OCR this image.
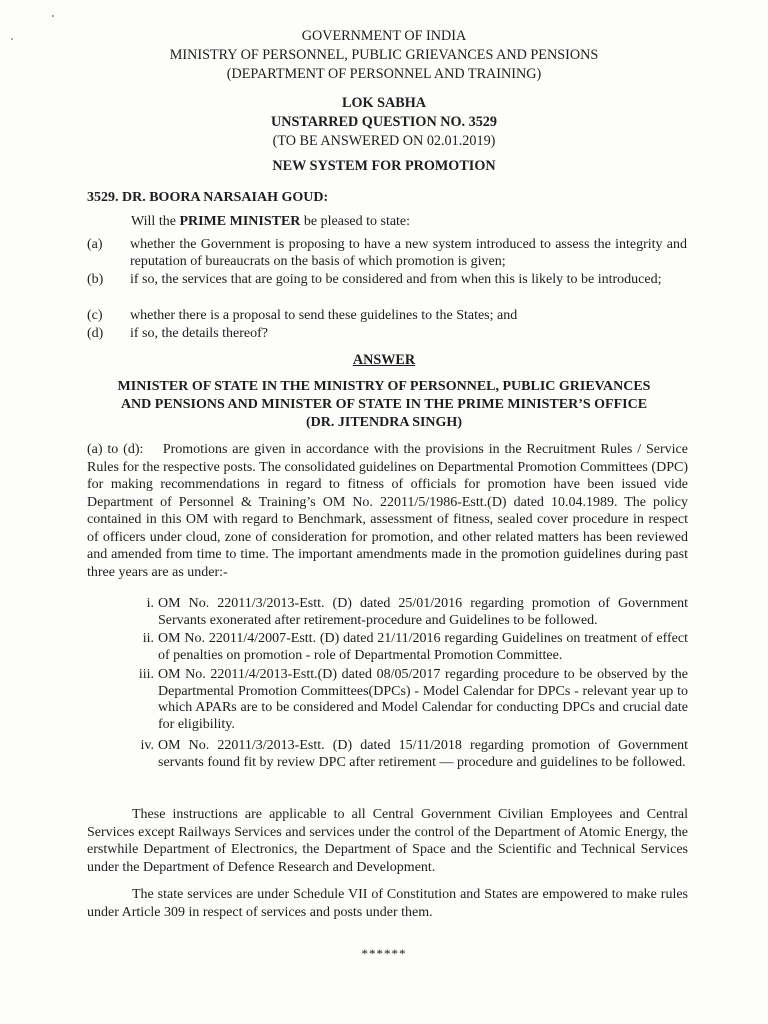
GOVERNMENT OF INDIA
MINISTRY OF PERSONNEL, PUBLIC GRIEVANCES AND PENSIONS
(DEPARTMENT OF PERSONNEL AND TRAINING)
LOK SABHA
UNSTARRED QUESTION NO. 3529
(TO BE ANSWERED ON 02.01.2019)
NEW SYSTEM FOR PROMOTION
3529. DR. BOORA NARSAIAH GOUD:
Will the PRIME MINISTER be pleased to state:
(a)	whether the Government is proposing to have a new system introduced to assess the integrity and reputation of bureaucrats on the basis of which promotion is given;
(b)	if so, the services that are going to be considered and from when this is likely to be introduced;
(c)	whether there is a proposal to send these guidelines to the States; and
(d)	if so, the details thereof?
ANSWER
MINISTER OF STATE IN THE MINISTRY OF PERSONNEL, PUBLIC GRIEVANCES
AND PENSIONS AND MINISTER OF STATE IN THE PRIME MINISTER’S OFFICE
(DR. JITENDRA SINGH)
(a) to (d):    Promotions are given in accordance with the provisions in the Recruitment Rules / Service Rules for the respective posts. The consolidated guidelines on Departmental Promotion Committees (DPC) for making recommendations in regard to fitness of officials for promotion have been issued vide Department of Personnel & Training’s OM No. 22011/5/1986-Estt.(D) dated 10.04.1989. The policy contained in this OM with regard to Benchmark, assessment of fitness, sealed cover procedure in respect of officers under cloud, zone of consideration for promotion, and other related matters has been reviewed and amended from time to time. The important amendments made in the promotion guidelines during past three years are as under:-
i. OM No. 22011/3/2013-Estt. (D) dated 25/01/2016 regarding promotion of Government Servants exonerated after retirement-procedure and Guidelines to be followed.
ii. OM No. 22011/4/2007-Estt. (D) dated 21/11/2016 regarding Guidelines on treatment of effect of penalties on promotion - role of Departmental Promotion Committee.
iii. OM No. 22011/4/2013-Estt.(D) dated 08/05/2017 regarding procedure to be observed by the Departmental Promotion Committees(DPCs) - Model Calendar for DPCs - relevant year up to which APARs are to be considered and Model Calendar for conducting DPCs and crucial date for eligibility.
iv. OM No. 22011/3/2013-Estt. (D) dated 15/11/2018 regarding promotion of Government servants found fit by review DPC after retirement — procedure and guidelines to be followed.
These instructions are applicable to all Central Government Civilian Employees and Central Services except Railways Services and services under the control of the Department of Atomic Energy, the erstwhile Department of Electronics, the Department of Space and the Scientific and Technical Services under the Department of Defence Research and Development.
The state services are under Schedule VII of Constitution and States are empowered to make rules under Article 309 in respect of services and posts under them.
******
